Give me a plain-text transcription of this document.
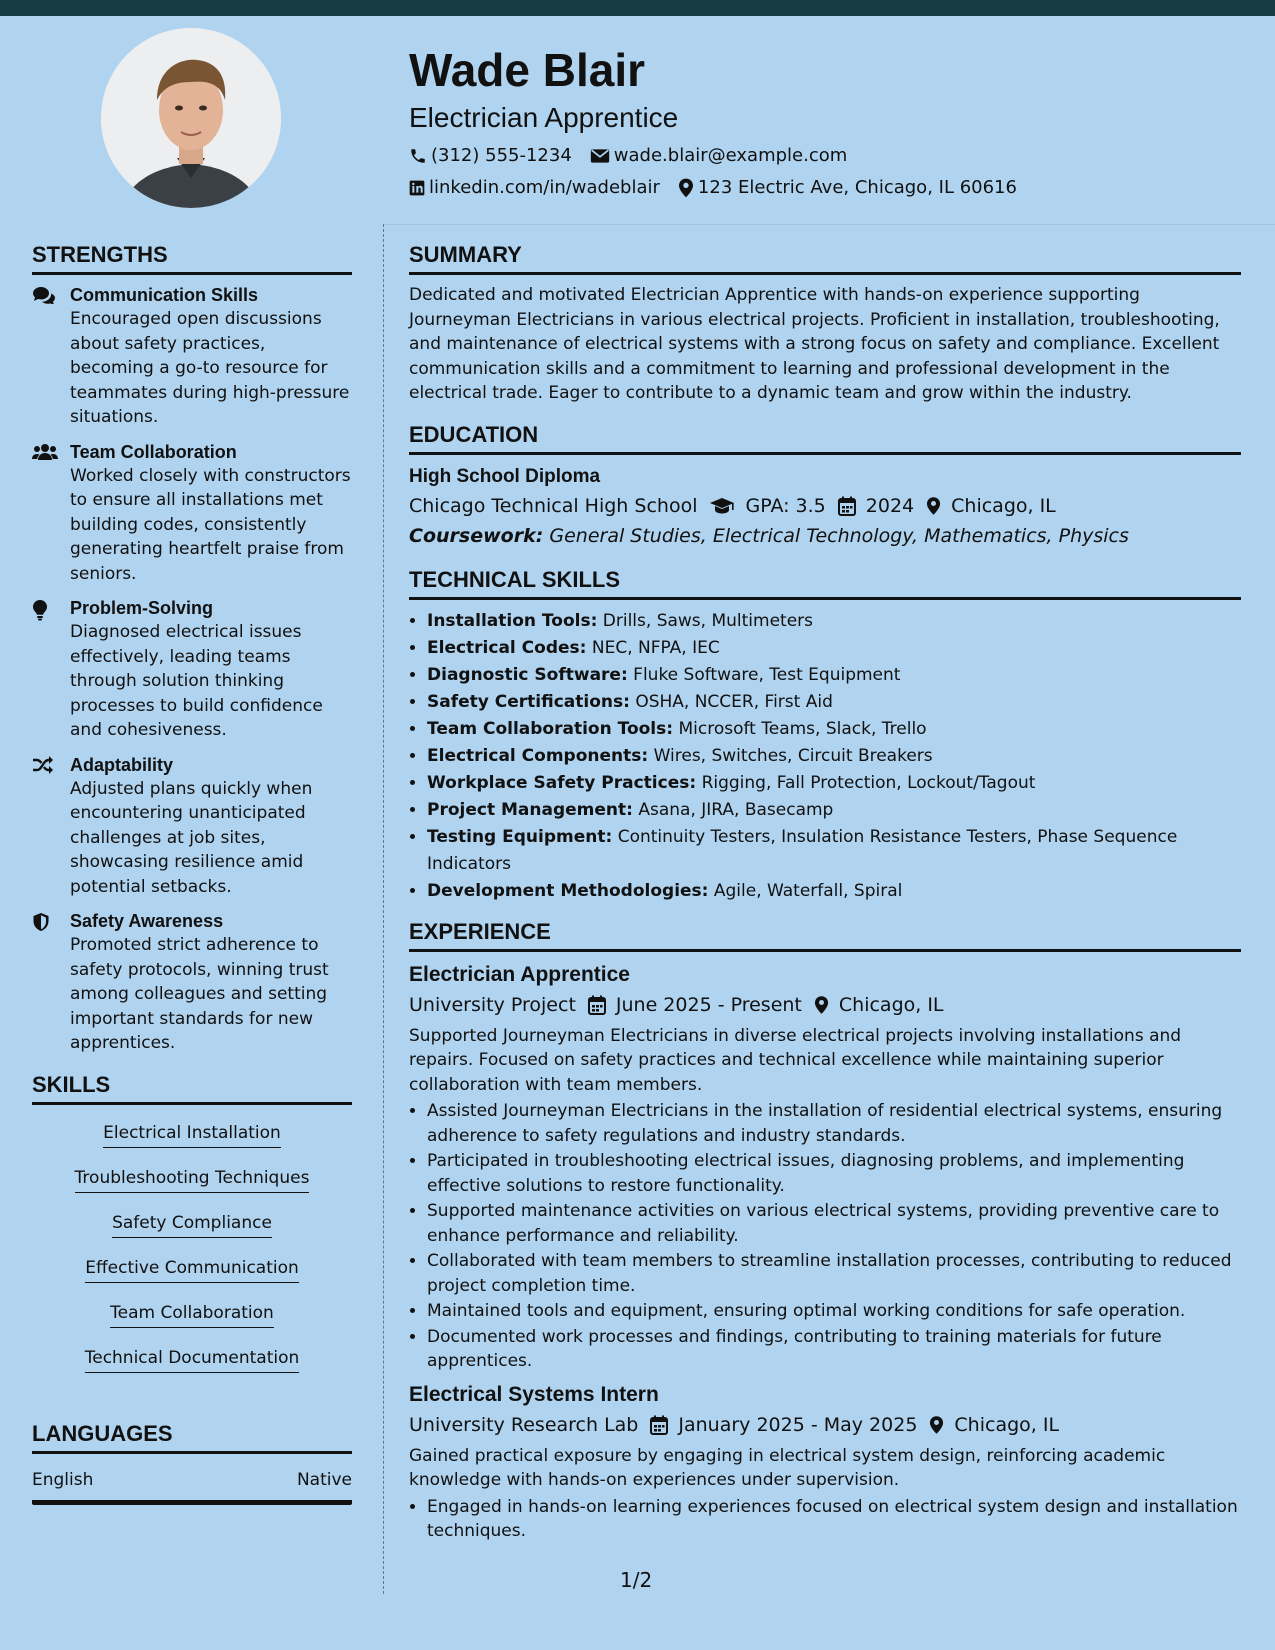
Wade Blair
Electrician Apprentice
(312) 555-1234 wade.blair@example.com
linkedin.com/in/wadeblair 123 Electric Ave, Chicago, IL 60616
STRENGTHS
Communication Skills
Encouraged open discussions about safety practices, becoming a go-to resource for teammates during high-pressure situations.
Team Collaboration
Worked closely with constructors to ensure all installations met building codes, consistently generating heartfelt praise from seniors.
Problem-Solving
Diagnosed electrical issues effectively, leading teams through solution thinking processes to build confidence and cohesiveness.
Adaptability
Adjusted plans quickly when encountering unanticipated challenges at job sites, showcasing resilience amid potential setbacks.
Safety Awareness
Promoted strict adherence to safety protocols, winning trust among colleagues and setting important standards for new apprentices.
SKILLS
Electrical Installation
Troubleshooting Techniques
Safety Compliance
Effective Communication
Team Collaboration
Technical Documentation
LANGUAGES
English	Native
SUMMARY

Dedicated and motivated Electrician Apprentice with hands-on experience supporting Journeyman Electricians in various electrical projects. Proficient in installation, troubleshooting, and maintenance of electrical systems with a strong focus on safety and compliance. Excellent communication skills and a commitment to learning and professional development in the electrical trade. Eager to contribute to a dynamic team and grow within the industry.

EDUCATION
High School Diploma
Chicago Technical High School	GPA: 3.5 2024 Chicago, IL
Coursework: General Studies, Electrical Technology, Mathematics, Physics
TECHNICAL SKILLS
• Installation Tools: Drills, Saws, Multimeters
• Electrical Codes: NEC, NFPA, IEC
• Diagnostic Software: Fluke Software, Test Equipment
• Safety Certifications: OSHA, NCCER, First Aid
• Team Collaboration Tools: Microsoft Teams, Slack, Trello
• Electrical Components: Wires, Switches, Circuit Breakers
• Workplace Safety Practices: Rigging, Fall Protection, Lockout/Tagout
• Project Management: Asana, JIRA, Basecamp
• Testing Equipment: Continuity Testers, Insulation Resistance Testers, Phase Sequence Indicators
• Development Methodologies: Agile, Waterfall, Spiral
EXPERIENCE
Electrician Apprentice
University Project June 2025 - Present Chicago, IL

Supported Journeyman Electricians in diverse electrical projects involving installations and repairs. Focused on safety practices and technical excellence while maintaining superior collaboration with team members.

• Assisted Journeyman Electricians in the installation of residential electrical systems, ensuring adherence to safety regulations and industry standards.
• Participated in troubleshooting electrical issues, diagnosing problems, and implementing effective solutions to restore functionality.
• Supported maintenance activities on various electrical systems, providing preventive care to enhance performance and reliability.
• Collaborated with team members to streamline installation processes, contributing to reduced project completion time.
• Maintained tools and equipment, ensuring optimal working conditions for safe operation.
• Documented work processes and findings, contributing to training materials for future apprentices.
Electrical Systems Intern
University Research Lab January 2025 - May 2025 Chicago, IL

Gained practical exposure by engaging in electrical system design, reinforcing academic knowledge with hands-on experiences under supervision.

• Engaged in hands-on learning experiences focused on electrical system design and installation techniques.
1/2
